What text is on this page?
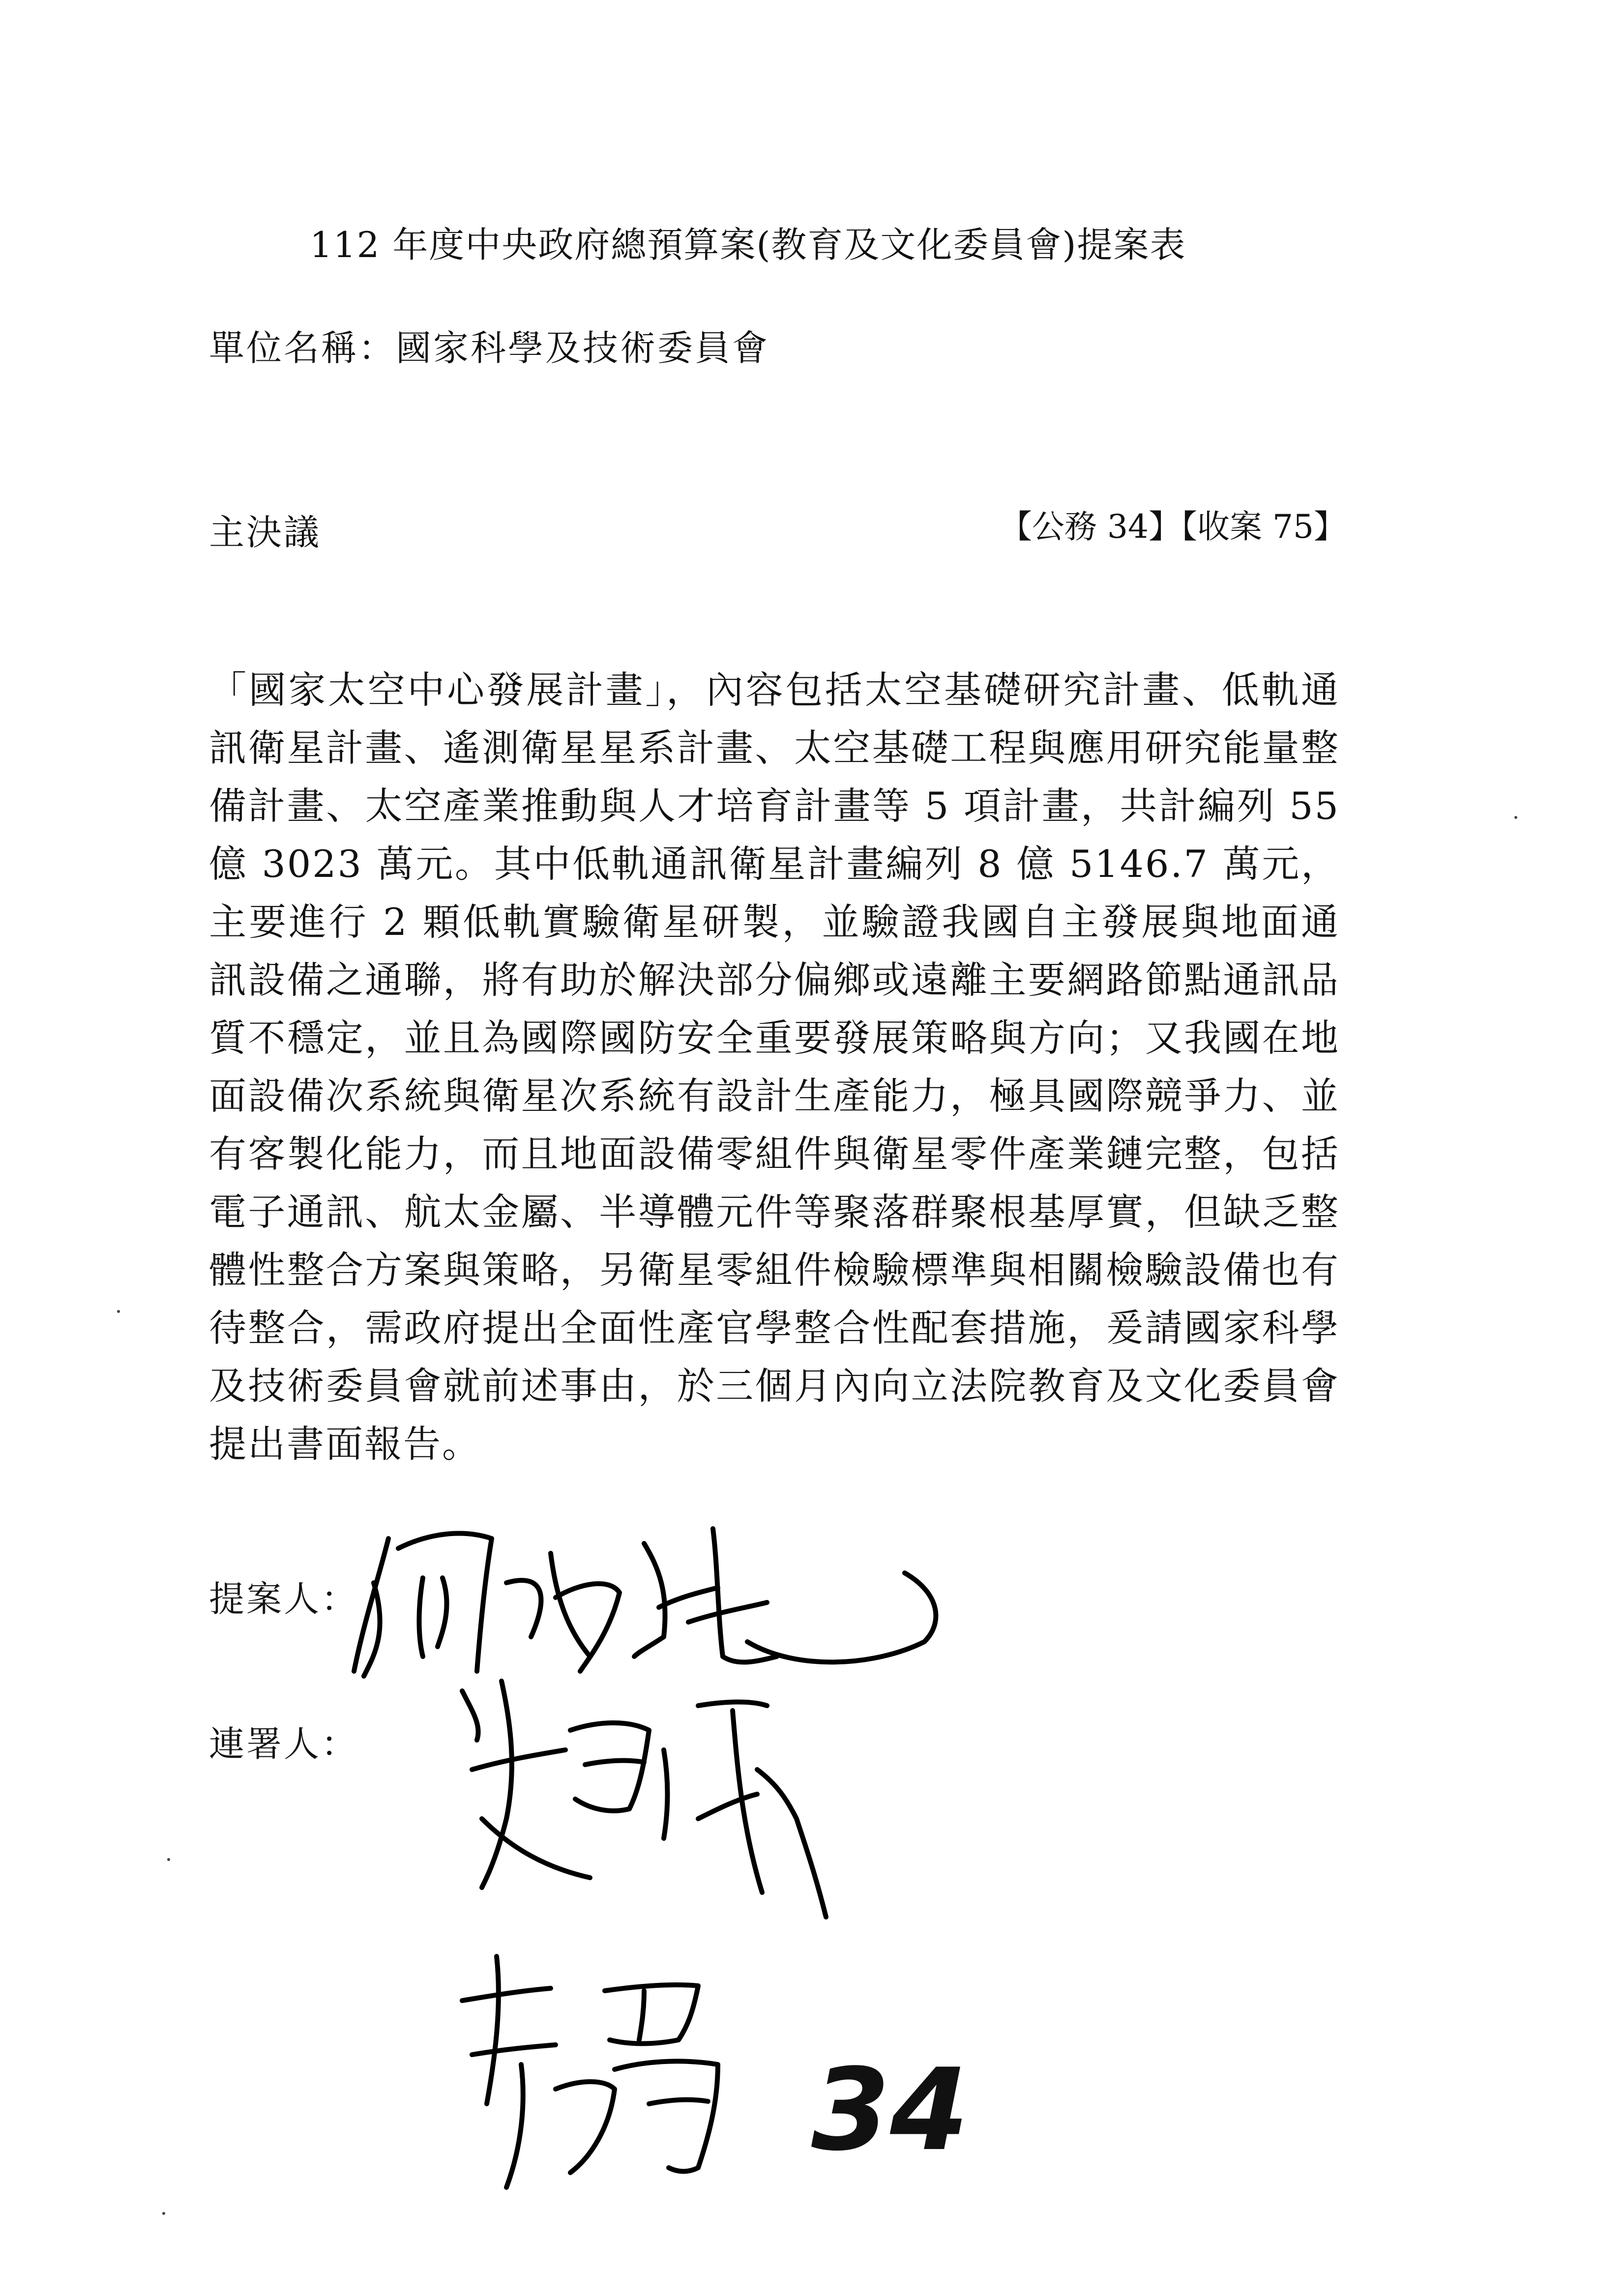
112 年度中央政府總預算案(教育及文化委員會)提案表
單位名稱：國家科學及技術委員會
主決議	【公務 34】【收案 75】
「國家太空中心發展計畫」，內容包括太空基礎研究計畫、低軌通訊衛星計畫、遙測衛星星系計畫、太空基礎工程與應用研究能量整備計畫、太空產業推動與人才培育計畫等 5 項計畫，共計編列 55 億 3023 萬元。其中低軌通訊衛星計畫編列 8 億 5146.7 萬元，主要進行 2 顆低軌實驗衛星研製，並驗證我國自主發展與地面通訊設備之通聯，將有助於解決部分偏鄉或遠離主要網路節點通訊品質不穩定，並且為國際國防安全重要發展策略與方向；又我國在地面設備次系統與衛星次系統有設計生產能力，極具國際競爭力、並有客製化能力，而且地面設備零組件與衛星零件產業鏈完整，包括電子通訊、航太金屬、半導體元件等聚落群聚根基厚實，但缺乏整體性整合方案與策略，另衛星零組件檢驗標準與相關檢驗設備也有待整合，需政府提出全面性產官學整合性配套措施，爰請國家科學及技術委員會就前述事由，於三個月內向立法院教育及文化委員會提出書面報告。
提案人：
連署人：
34
